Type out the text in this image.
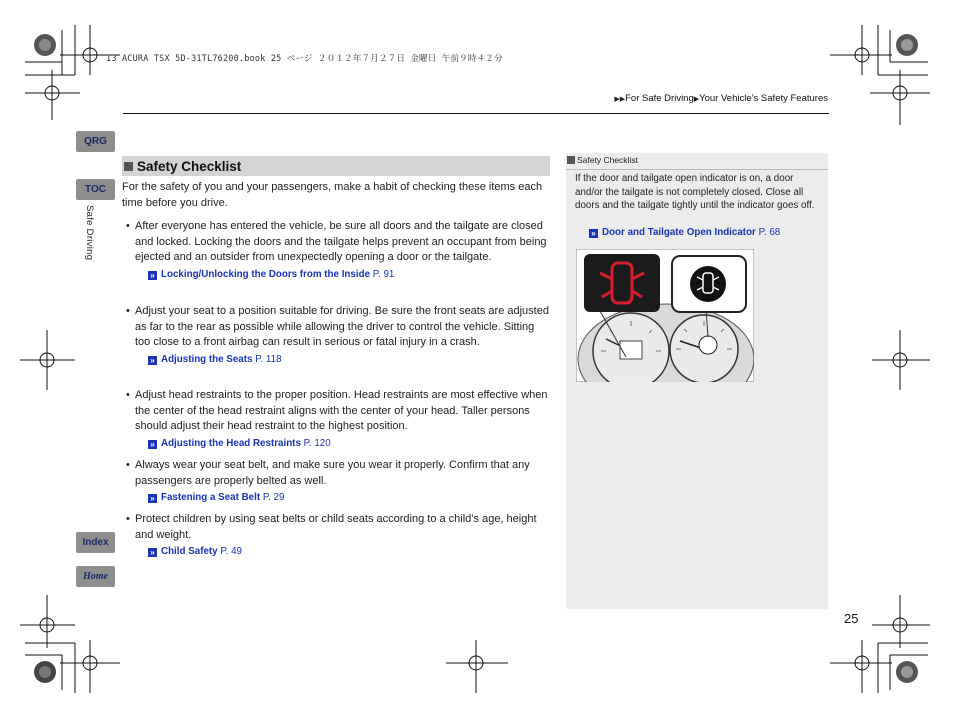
13 ACURA TSX 5D-31TL76200.book 25 ページ ２０１２年７月２７日 金曜日 午前９時４２分
▶▶For Safe Driving▶Your Vehicle’s Safety Features
QRG
TOC
Safe Driving
Index
Home
Safety Checklist
For the safety of you and your passengers, make a habit of checking these items each time before you drive.
• After everyone has entered the vehicle, be sure all doors and the tailgate are closed and locked. Locking the doors and the tailgate helps prevent an occupant from being ejected and an outsider from unexpectedly opening a door or the tailgate.
» Locking/Unlocking the Doors from the Inside P. 91
• Adjust your seat to a position suitable for driving. Be sure the front seats are adjusted as far to the rear as possible while allowing the driver to control the vehicle. Sitting too close to a front airbag can result in serious or fatal injury in a crash.
» Adjusting the Seats P. 118
• Adjust head restraints to the proper position. Head restraints are most effective when the center of the head restraint aligns with the center of your head. Taller persons should adjust their head restraint to the highest position.
» Adjusting the Head Restraints P. 120
• Always wear your seat belt, and make sure you wear it properly. Confirm that any passengers are properly belted as well.
» Fastening a Seat Belt P. 29
• Protect children by using seat belts or child seats according to a child’s age, height and weight.
» Child Safety P. 49
Safety Checklist
If the door and tailgate open indicator is on, a door and/or the tailgate is not completely closed. Close all doors and the tailgate tightly until the indicator goes off.
» Door and Tailgate Open Indicator P. 68
25
